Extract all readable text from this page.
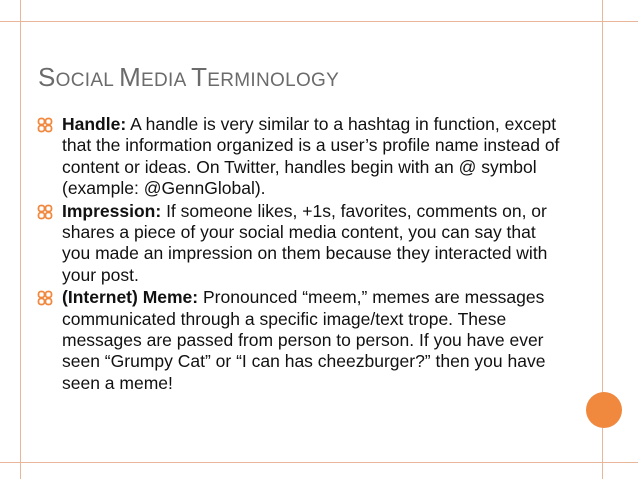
SOCIAL MEDIA TERMINOLOGY
Handle: A handle is very similar to a hashtag in function, except that the information organized is a user’s profile name instead of content or ideas. On Twitter, handles begin with an @ symbol (example: @GennGlobal).
Impression: If someone likes, +1s, favorites, comments on, or shares a piece of your social media content, you can say that you made an impression on them because they interacted with your post.
(Internet) Meme: Pronounced “meem,” memes are messages communicated through a specific image/text trope. These messages are passed from person to person. If you have ever seen “Grumpy Cat” or “I can has cheezburger?” then you have seen a meme!
